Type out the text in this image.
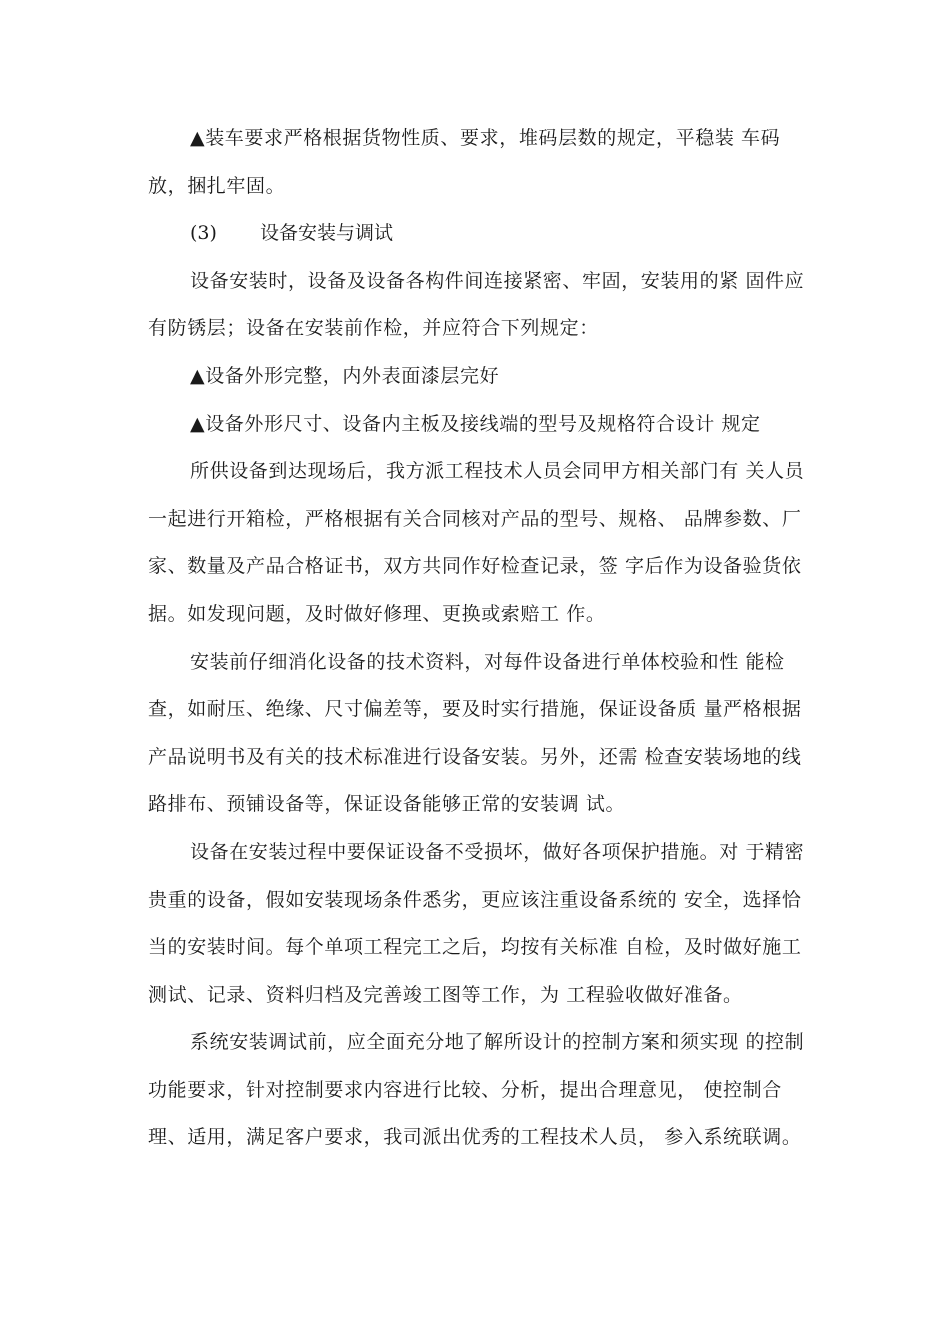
▲装车要求严格根据货物性质、要求，堆码层数的规定，平稳装 车码
放，捆扎牢固。

(3) 设备安装与调试

设备安装时，设备及设备各构件间连接紧密、牢固，安装用的紧 固件应
有防锈层；设备在安装前作检，并应符合下列规定：

▲设备外形完整，内外表面漆层完好

▲设备外形尺寸、设备内主板及接线端的型号及规格符合设计 规定

所供设备到达现场后，我方派工程技术人员会同甲方相关部门有 关人员
一起进行开箱检，严格根据有关合同核对产品的型号、规格、 品牌参数、厂
家、数量及产品合格证书，双方共同作好检查记录，签 字后作为设备验货依
据。如发现问题，及时做好修理、更换或索赔工 作。

安装前仔细消化设备的技术资料，对每件设备进行单体校验和性 能检
查，如耐压、绝缘、尺寸偏差等，要及时实行措施，保证设备质 量严格根据
产品说明书及有关的技术标准进行设备安装。另外，还需 检查安装场地的线
路排布、预铺设备等，保证设备能够正常的安装调 试。

设备在安装过程中要保证设备不受损坏，做好各项保护措施。对 于精密
贵重的设备，假如安装现场条件悉劣，更应该注重设备系统的 安全，选择恰
当的安装时间。每个单项工程完工之后，均按有关标准 自检，及时做好施工
测试、记录、资料归档及完善竣工图等工作，为 工程验收做好准备。

系统安装调试前，应全面充分地了解所设计的控制方案和须实现 的控制
功能要求，针对控制要求内容进行比较、分析，提出合理意见， 使控制合
理、适用，满足客户要求，我司派出优秀的工程技术人员， 参入系统联调。
